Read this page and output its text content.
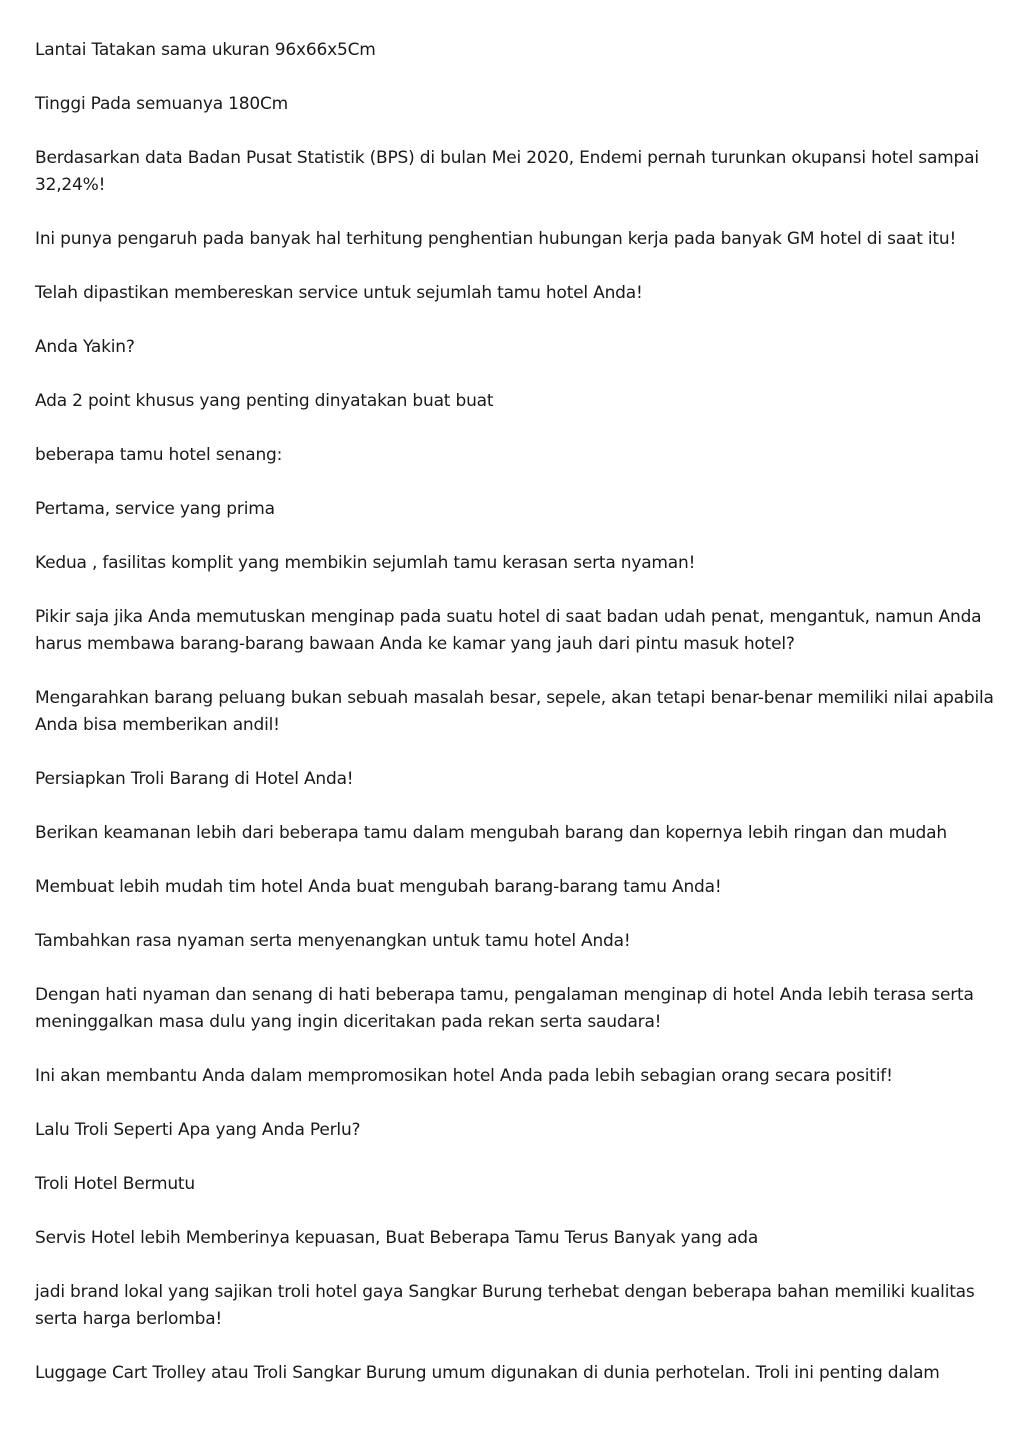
Lantai Tatakan sama ukuran 96x66x5Cm

Tinggi Pada semuanya 180Cm

Berdasarkan data Badan Pusat Statistik (BPS) di bulan Mei 2020, Endemi pernah turunkan okupansi hotel sampai 32,24%!

Ini punya pengaruh pada banyak hal terhitung penghentian hubungan kerja pada banyak GM hotel di saat itu!

Telah dipastikan membereskan service untuk sejumlah tamu hotel Anda!

Anda Yakin?

Ada 2 point khusus yang penting dinyatakan buat buat

beberapa tamu hotel senang:

Pertama, service yang prima

Kedua , fasilitas komplit yang membikin sejumlah tamu kerasan serta nyaman!

Pikir saja jika Anda memutuskan menginap pada suatu hotel di saat badan udah penat, mengantuk, namun Anda harus membawa barang-barang bawaan Anda ke kamar yang jauh dari pintu masuk hotel?

Mengarahkan barang peluang bukan sebuah masalah besar, sepele, akan tetapi benar-benar memiliki nilai apabila Anda bisa memberikan andil!

Persiapkan Troli Barang di Hotel Anda!

Berikan keamanan lebih dari beberapa tamu dalam mengubah barang dan kopernya lebih ringan dan mudah

Membuat lebih mudah tim hotel Anda buat mengubah barang-barang tamu Anda!

Tambahkan rasa nyaman serta menyenangkan untuk tamu hotel Anda!

Dengan hati nyaman dan senang di hati beberapa tamu, pengalaman menginap di hotel Anda lebih terasa serta meninggalkan masa dulu yang ingin diceritakan pada rekan serta saudara!

Ini akan membantu Anda dalam mempromosikan hotel Anda pada lebih sebagian orang secara positif!

Lalu Troli Seperti Apa yang Anda Perlu?

Troli Hotel Bermutu

Servis Hotel lebih Memberinya kepuasan, Buat Beberapa Tamu Terus Banyak yang ada

jadi brand lokal yang sajikan troli hotel gaya Sangkar Burung terhebat dengan beberapa bahan memiliki kualitas serta harga berlomba!

Luggage Cart Trolley atau Troli Sangkar Burung umum digunakan di dunia perhotelan. Troli ini penting dalam
